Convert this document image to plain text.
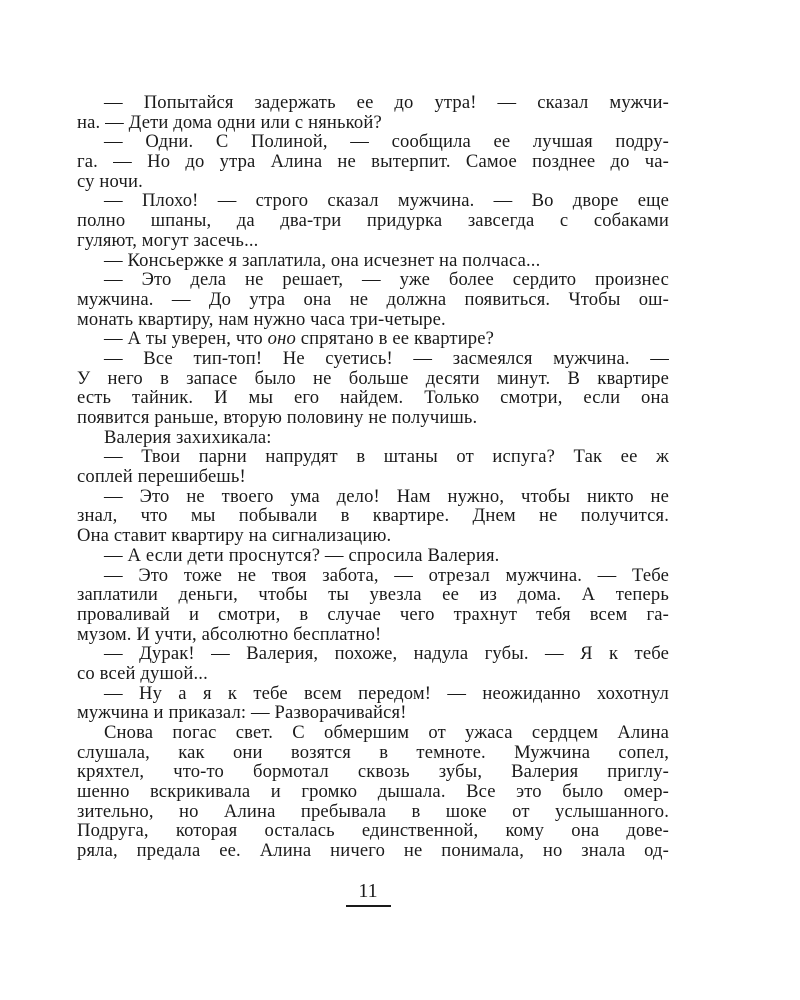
— Попытайся задержать ее до утра! — сказал мужчи-
на. — Дети дома одни или с нянькой?
— Одни. С Полиной, — сообщила ее лучшая подру-
га. — Но до утра Алина не вытерпит. Самое позднее до ча-
су ночи.
— Плохо! — строго сказал мужчина. — Во дворе еще
полно шпаны, да два-три придурка завсегда с собаками
гуляют, могут засечь...
— Консьержке я заплатила, она исчезнет на полчаса...
— Это дела не решает, — уже более сердито произнес
мужчина. — До утра она не должна появиться. Чтобы ош-
монать квартиру, нам нужно часа три-четыре.
— А ты уверен, что оно спрятано в ее квартире?
— Все тип-топ! Не суетись! — засмеялся мужчина. —
У него в запасе было не больше десяти минут. В квартире
есть тайник. И мы его найдем. Только смотри, если она
появится раньше, вторую половину не получишь.
Валерия захихикала:
— Твои парни напрудят в штаны от испуга? Так ее ж
соплей перешибешь!
— Это не твоего ума дело! Нам нужно, чтобы никто не
знал, что мы побывали в квартире. Днем не получится.
Она ставит квартиру на сигнализацию.
— А если дети проснутся? — спросила Валерия.
— Это тоже не твоя забота, — отрезал мужчина. — Тебе
заплатили деньги, чтобы ты увезла ее из дома. А теперь
проваливай и смотри, в случае чего трахнут тебя всем га-
музом. И учти, абсолютно бесплатно!
— Дурак! — Валерия, похоже, надула губы. — Я к тебе
со всей душой...
— Ну а я к тебе всем передом! — неожиданно хохотнул
мужчина и приказал: — Разворачивайся!
Снова погас свет. С обмершим от ужаса сердцем Алина
слушала, как они возятся в темноте. Мужчина сопел,
кряхтел, что-то бормотал сквозь зубы, Валерия приглу-
шенно вскрикивала и громко дышала. Все это было омер-
зительно, но Алина пребывала в шоке от услышанного.
Подруга, которая осталась единственной, кому она дове-
ряла, предала ее. Алина ничего не понимала, но знала од-
11
